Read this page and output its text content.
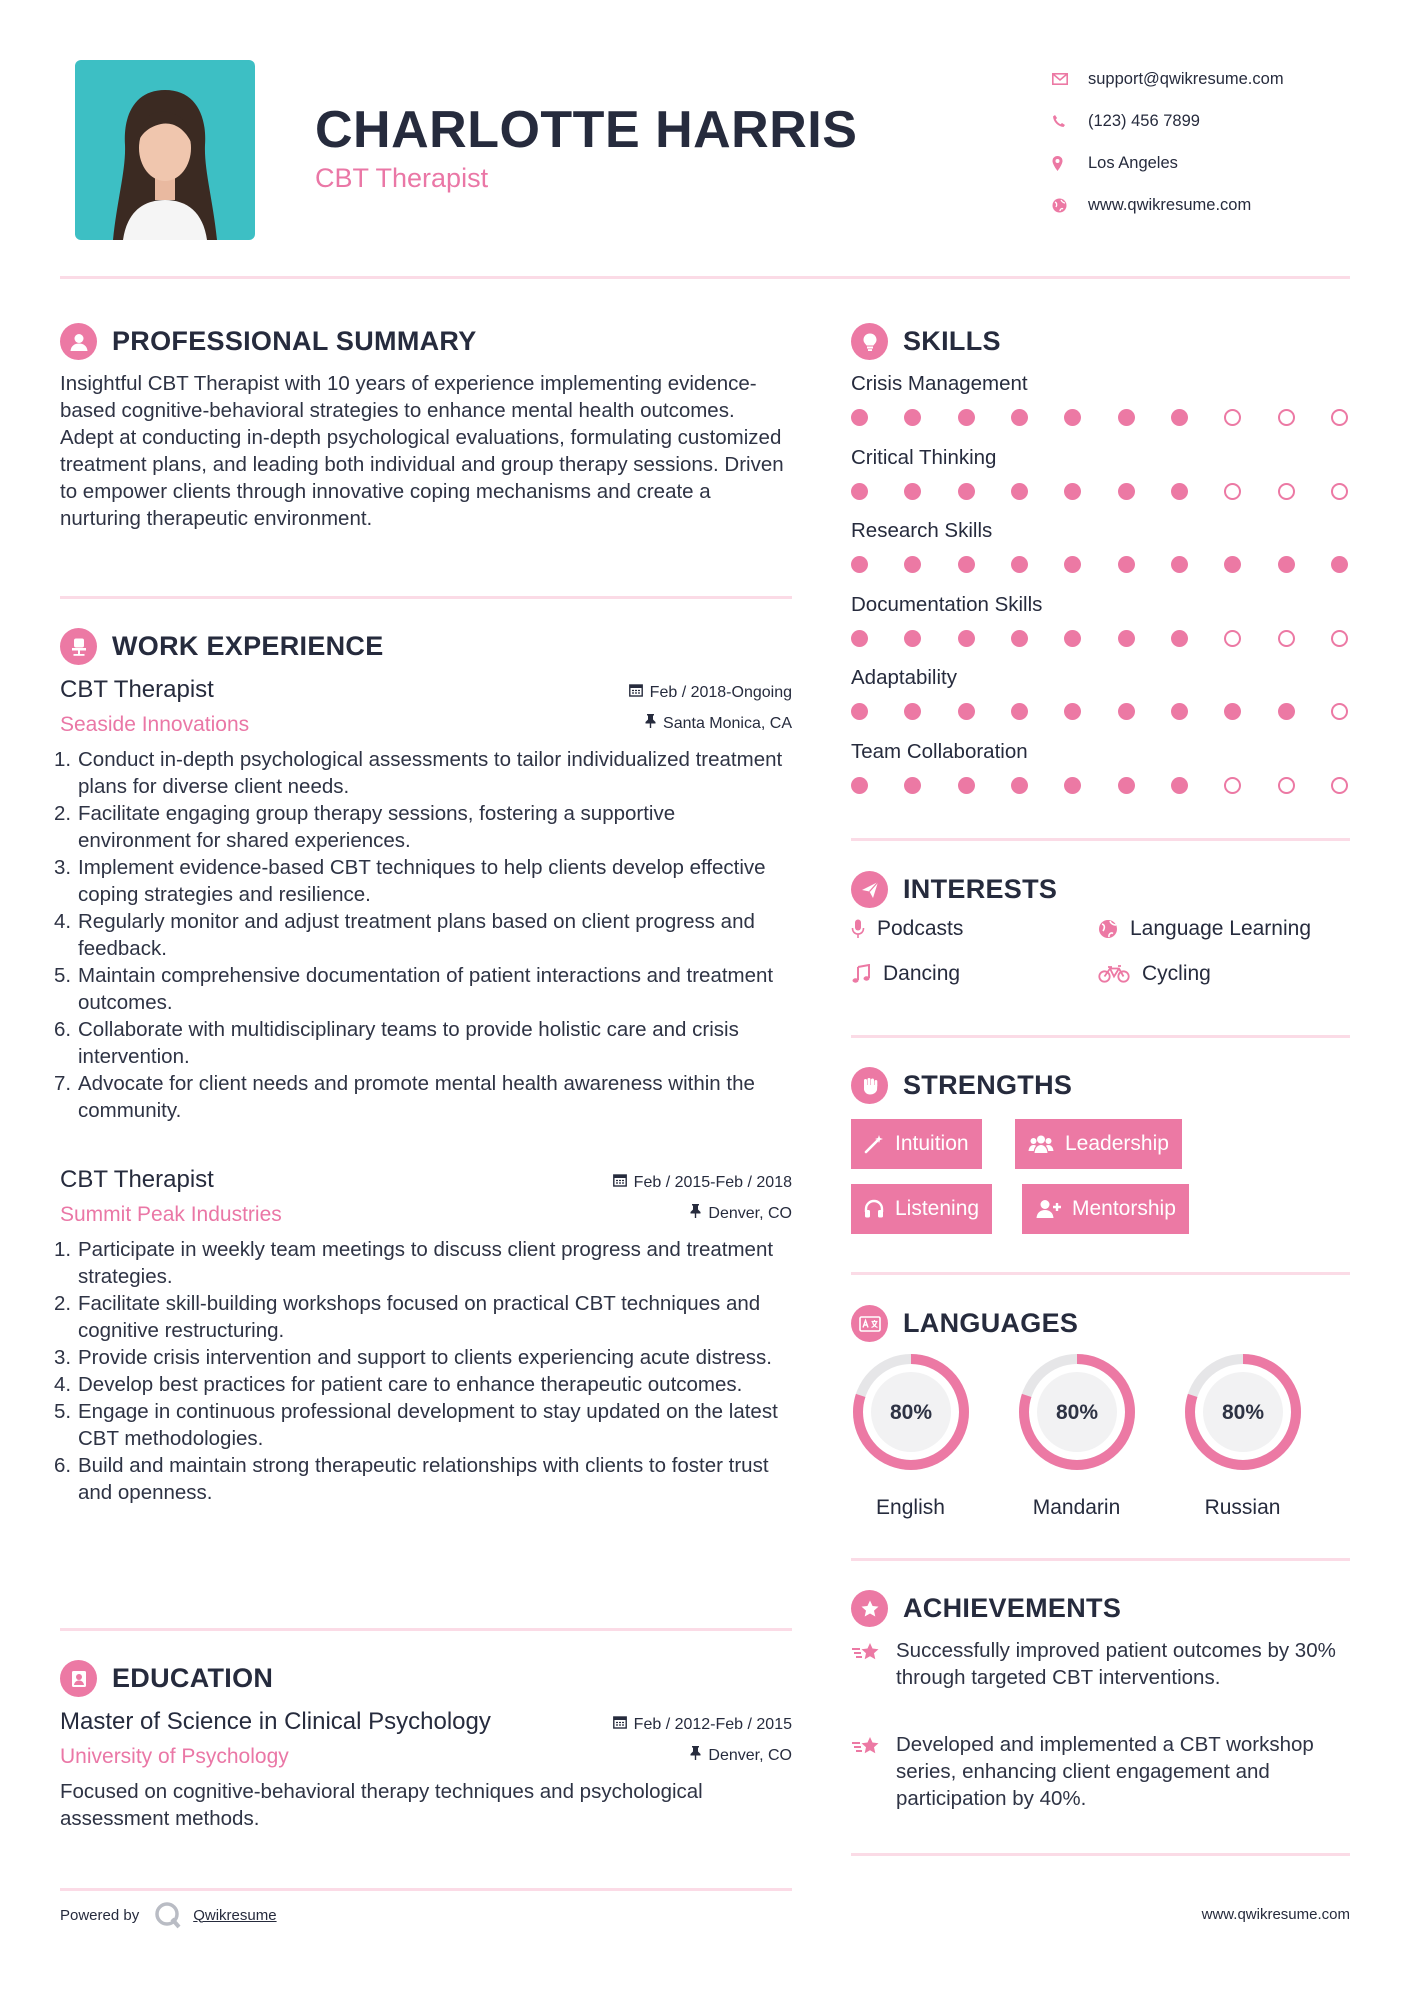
CHARLOTTE HARRIS
CBT Therapist
support@qwikresume.com
(123) 456 7899
Los Angeles
www.qwikresume.com
PROFESSIONAL SUMMARY
Insightful CBT Therapist with 10 years of experience implementing evidence-based cognitive-behavioral strategies to enhance mental health outcomes. Adept at conducting in-depth psychological evaluations, formulating customized treatment plans, and leading both individual and group therapy sessions. Driven to empower clients through innovative coping mechanisms and create a nurturing therapeutic environment.
WORK EXPERIENCE
CBT Therapist
Seaside Innovations
Feb / 2018-Ongoing
Santa Monica, CA
1. Conduct in-depth psychological assessments to tailor individualized treatment plans for diverse client needs.
2. Facilitate engaging group therapy sessions, fostering a supportive environment for shared experiences.
3. Implement evidence-based CBT techniques to help clients develop effective coping strategies and resilience.
4. Regularly monitor and adjust treatment plans based on client progress and feedback.
5. Maintain comprehensive documentation of patient interactions and treatment outcomes.
6. Collaborate with multidisciplinary teams to provide holistic care and crisis intervention.
7. Advocate for client needs and promote mental health awareness within the community.
CBT Therapist
Summit Peak Industries
Feb / 2015-Feb / 2018
Denver, CO
1. Participate in weekly team meetings to discuss client progress and treatment strategies.
2. Facilitate skill-building workshops focused on practical CBT techniques and cognitive restructuring.
3. Provide crisis intervention and support to clients experiencing acute distress.
4. Develop best practices for patient care to enhance therapeutic outcomes.
5. Engage in continuous professional development to stay updated on the latest CBT methodologies.
6. Build and maintain strong therapeutic relationships with clients to foster trust and openness.
EDUCATION
Master of Science in Clinical Psychology
University of Psychology
Feb / 2012-Feb / 2015
Denver, CO
Focused on cognitive-behavioral therapy techniques and psychological assessment methods.
SKILLS
Crisis Management
Critical Thinking
Research Skills
Documentation Skills
Adaptability
Team Collaboration
INTERESTS
Podcasts	Language Learning
Dancing	Cycling
STRENGTHS
Intuition	Leadership
Listening	Mentorship
LANGUAGES
80%
English
80%
Mandarin
80%
Russian
ACHIEVEMENTS
Successfully improved patient outcomes by 30% through targeted CBT interventions.
Developed and implemented a CBT workshop series, enhancing client engagement and participation by 40%.
Powered by	Qwikresume	www.qwikresume.com
